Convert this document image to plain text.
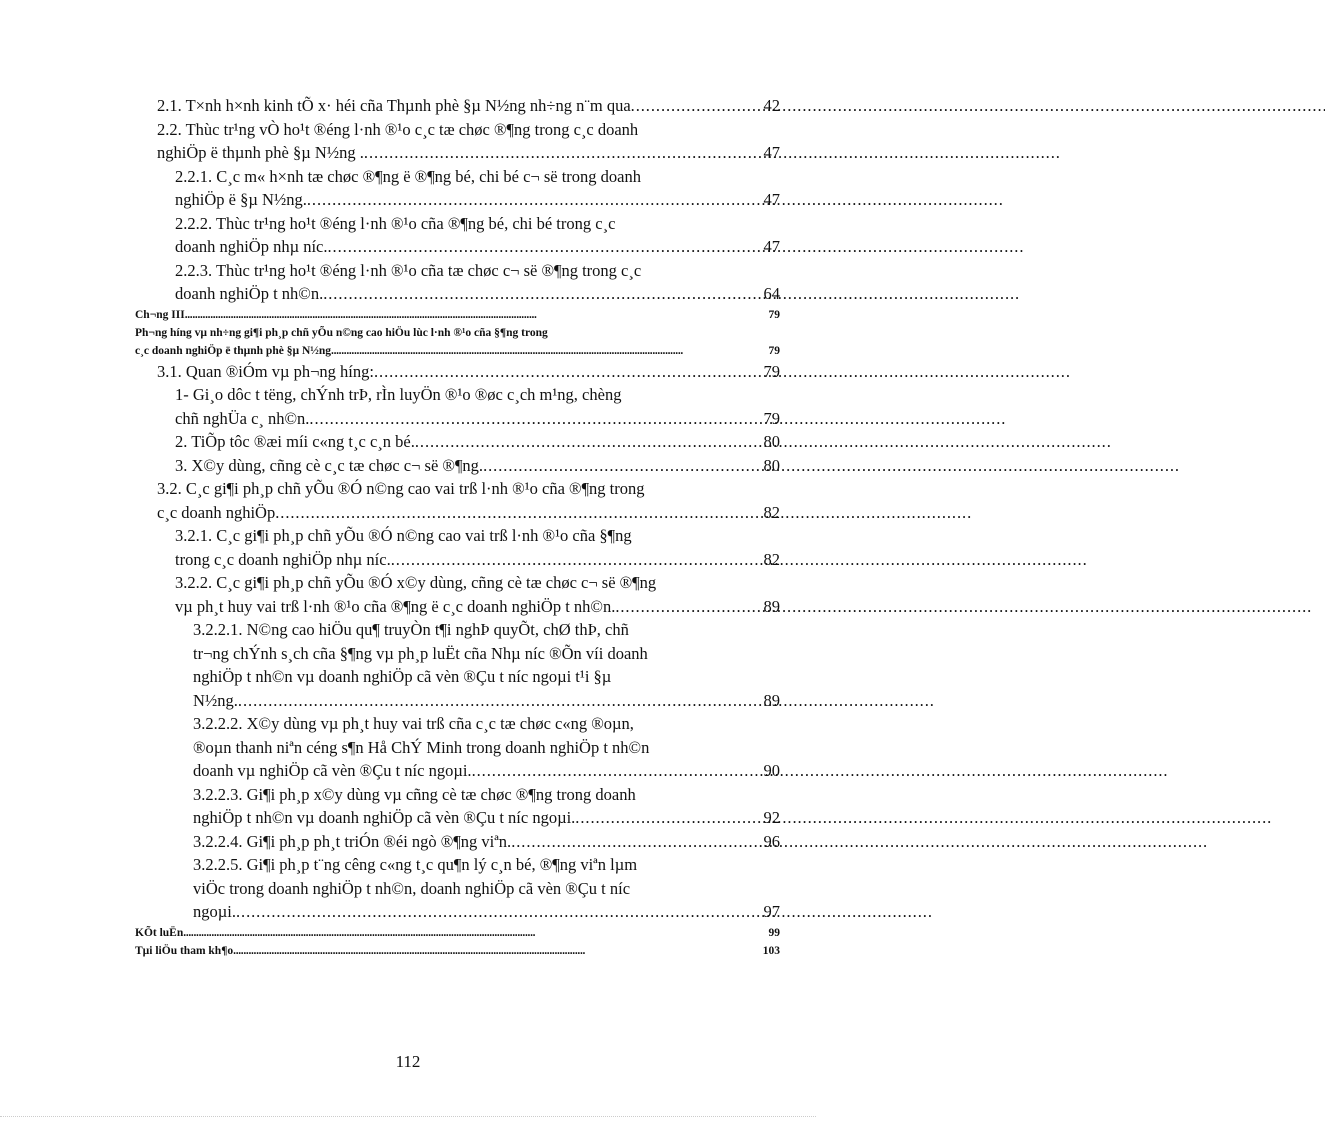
2.1. T×nh h×nh kinh tÕ x· héi cña Thµnh phè §µ N½ng nh÷ng n¨m qua . . .	42
2.2. Thùc tr¹ng vÒ ho¹t ®éng l·nh ®¹o c¸c tæ chøc ®¶ng trong c¸c doanh
nghiÖp ë thµnh phè §µ N½ng . . . .	47
2.2.1. C¸c m« h×nh tæ chøc ®¶ng ë ®¶ng bé, chi bé c¬ së trong doanh
nghiÖp ë §µ N½ng. . . .	47
2.2.2. Thùc tr¹ng ho¹t ®éng l·nh ®¹o cña ®¶ng bé, chi bé trong c¸c
doanh nghiÖp nhµ níc. . . .	47
2.2.3. Thùc tr¹ng ho¹t ®éng l·nh ®¹o cña tæ chøc c¬ së ®¶ng trong c¸c
doanh nghiÖp t nh©n. . . .	64
Ch¬ng III . . .	79
Ph¬ng híng vµ nh÷ng gi¶i ph¸p chñ yÕu n©ng cao hiÖu lùc l·nh ®¹o cña §¶ng trong
c¸c doanh nghiÖp ë thµnh phè §µ N½ng . . .	79
3.1. Quan ®iÓm vµ ph¬ng híng: . . .	79
1- Gi¸o dôc t tëng, chÝnh trÞ, rÌn luyÖn ®¹o ®øc c¸ch m¹ng, chèng
chñ nghÜa c¸ nh©n. . . .	79
2. TiÕp tôc ®æi míi c«ng t¸c c¸n bé. . . .	80
3. X©y dùng, cñng cè c¸c tæ chøc c¬ së ®¶ng. . . .	80
3.2. C¸c gi¶i ph¸p chñ yÕu ®Ó n©ng cao vai trß l·nh ®¹o cña ®¶ng trong
c¸c doanh nghiÖp . . .	82
3.2.1. C¸c gi¶i ph¸p chñ yÕu ®Ó n©ng cao vai trß l·nh ®¹o cña §¶ng
trong c¸c doanh nghiÖp nhµ níc. . . .	82
3.2.2. C¸c gi¶i ph¸p chñ yÕu ®Ó x©y dùng, cñng cè tæ chøc c¬ së ®¶ng
vµ ph¸t huy vai trß l·nh ®¹o cña ®¶ng ë c¸c doanh nghiÖp t nh©n. . . .	89
3.2.2.1. N©ng cao hiÖu qu¶ truyÒn t¶i nghÞ quyÕt, chØ thÞ, chñ
tr¬ng chÝnh s¸ch cña §¶ng vµ ph¸p luËt cña Nhµ níc ®Õn víi doanh
nghiÖp t nh©n vµ doanh nghiÖp cã vèn ®Çu t níc ngoµi t¹i §µ
N½ng. . . .	89
3.2.2.2. X©y dùng vµ ph¸t huy vai trß cña c¸c tæ chøc c«ng ®oµn,
®oµn thanh niªn céng s¶n Hå ChÝ Minh trong doanh nghiÖp t nh©n
doanh vµ nghiÖp cã vèn ®Çu t níc ngoµi. . . .	90
3.2.2.3. Gi¶i ph¸p x©y dùng vµ cñng cè tæ chøc ®¶ng trong doanh
nghiÖp t nh©n vµ doanh nghiÖp cã vèn ®Çu t níc ngoµi. . . .	92
3.2.2.4. Gi¶i ph¸p ph¸t triÓn ®éi ngò ®¶ng viªn. . . .	96
3.2.2.5. Gi¶i ph¸p t¨ng cêng c«ng t¸c qu¶n lý c¸n bé, ®¶ng viªn lµm
viÖc trong doanh nghiÖp t nh©n, doanh nghiÖp cã vèn ®Çu t níc
ngoµi. . . .	97
KÕt luËn . . .	99
Tµi liÖu tham kh¶o . . .	103
112
